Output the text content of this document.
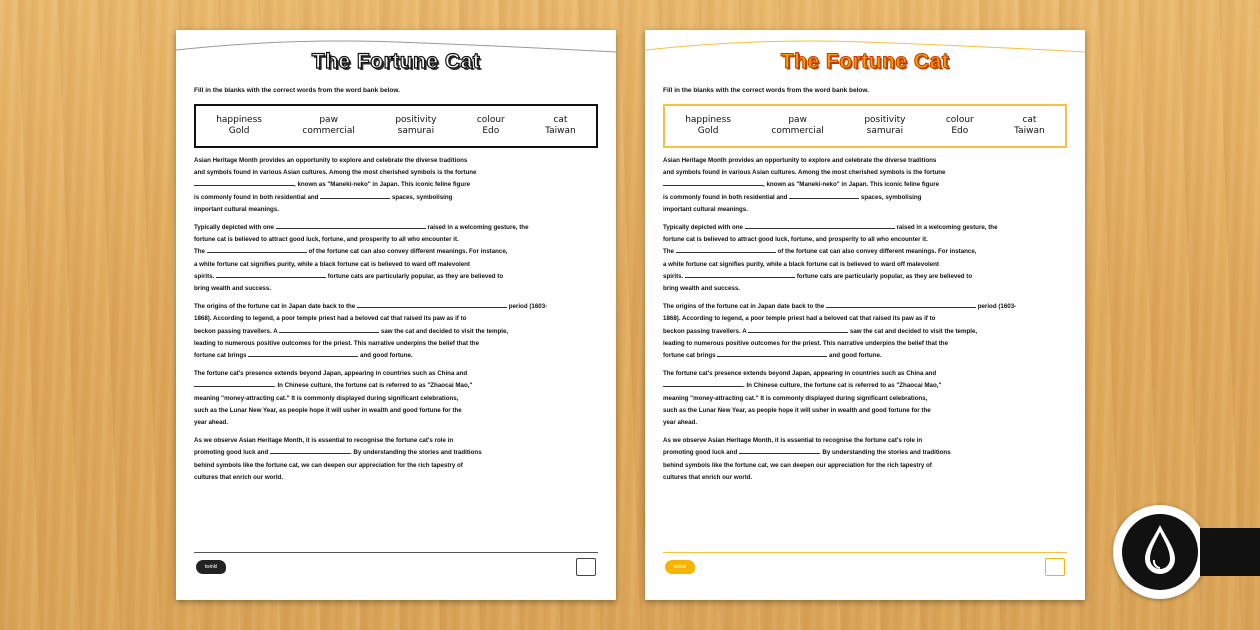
The Fortune Cat
Fill in the blanks with the correct words from the word bank below.
happiness
Gold
paw
commercial
positivity
samurai
colour
Edo
cat
Taiwan
Asian Heritage Month provides an opportunity to explore and celebrate the diverse traditions
and symbols found in various Asian cultures. Among the most cherished symbols is the fortune
, known as "Maneki-neko" in Japan. This iconic feline figure
is commonly found in both residential and	spaces, symbolising
important cultural meanings.
Typically depicted with one	raised in a welcoming gesture, the
fortune cat is believed to attract good luck, fortune, and prosperity to all who encounter it.
The	of the fortune cat can also convey different meanings. For instance,
a white fortune cat signifies purity, while a black fortune cat is believed to ward off malevolent
spirits.	fortune cats are particularly popular, as they are believed to
bring wealth and success.
The origins of the fortune cat in Japan date back to the	period (1603-
1868). According to legend, a poor temple priest had a beloved cat that raised its paw as if to
beckon passing travellers. A	saw the cat and decided to visit the temple,
leading to numerous positive outcomes for the priest. This narrative underpins the belief that the
fortune cat brings	and good fortune.
The fortune cat's presence extends beyond Japan, appearing in countries such as China and
. In Chinese culture, the fortune cat is referred to as "Zhaocai Mao,"
meaning "money-attracting cat." It is commonly displayed during significant celebrations,
such as the Lunar New Year, as people hope it will usher in wealth and good fortune for the
year ahead.
As we observe Asian Heritage Month, it is essential to recognise the fortune cat's role in
promoting good luck and	. By understanding the stories and traditions
behind symbols like the fortune cat, we can deepen our appreciation for the rich tapestry of
cultures that enrich our world.
twinkl
The Fortune Cat
Fill in the blanks with the correct words from the word bank below.
happiness
Gold
paw
commercial
positivity
samurai
colour
Edo
cat
Taiwan
Asian Heritage Month provides an opportunity to explore and celebrate the diverse traditions
and symbols found in various Asian cultures. Among the most cherished symbols is the fortune
, known as "Maneki-neko" in Japan. This iconic feline figure
is commonly found in both residential and	spaces, symbolising
important cultural meanings.
Typically depicted with one	raised in a welcoming gesture, the
fortune cat is believed to attract good luck, fortune, and prosperity to all who encounter it.
The	of the fortune cat can also convey different meanings. For instance,
a white fortune cat signifies purity, while a black fortune cat is believed to ward off malevolent
spirits.	fortune cats are particularly popular, as they are believed to
bring wealth and success.
The origins of the fortune cat in Japan date back to the	period (1603-
1868). According to legend, a poor temple priest had a beloved cat that raised its paw as if to
beckon passing travellers. A	saw the cat and decided to visit the temple,
leading to numerous positive outcomes for the priest. This narrative underpins the belief that the
fortune cat brings	and good fortune.
The fortune cat's presence extends beyond Japan, appearing in countries such as China and
. In Chinese culture, the fortune cat is referred to as "Zhaocai Mao,"
meaning "money-attracting cat." It is commonly displayed during significant celebrations,
such as the Lunar New Year, as people hope it will usher in wealth and good fortune for the
year ahead.
As we observe Asian Heritage Month, it is essential to recognise the fortune cat's role in
promoting good luck and	. By understanding the stories and traditions
behind symbols like the fortune cat, we can deepen our appreciation for the rich tapestry of
cultures that enrich our world.
twinkl
